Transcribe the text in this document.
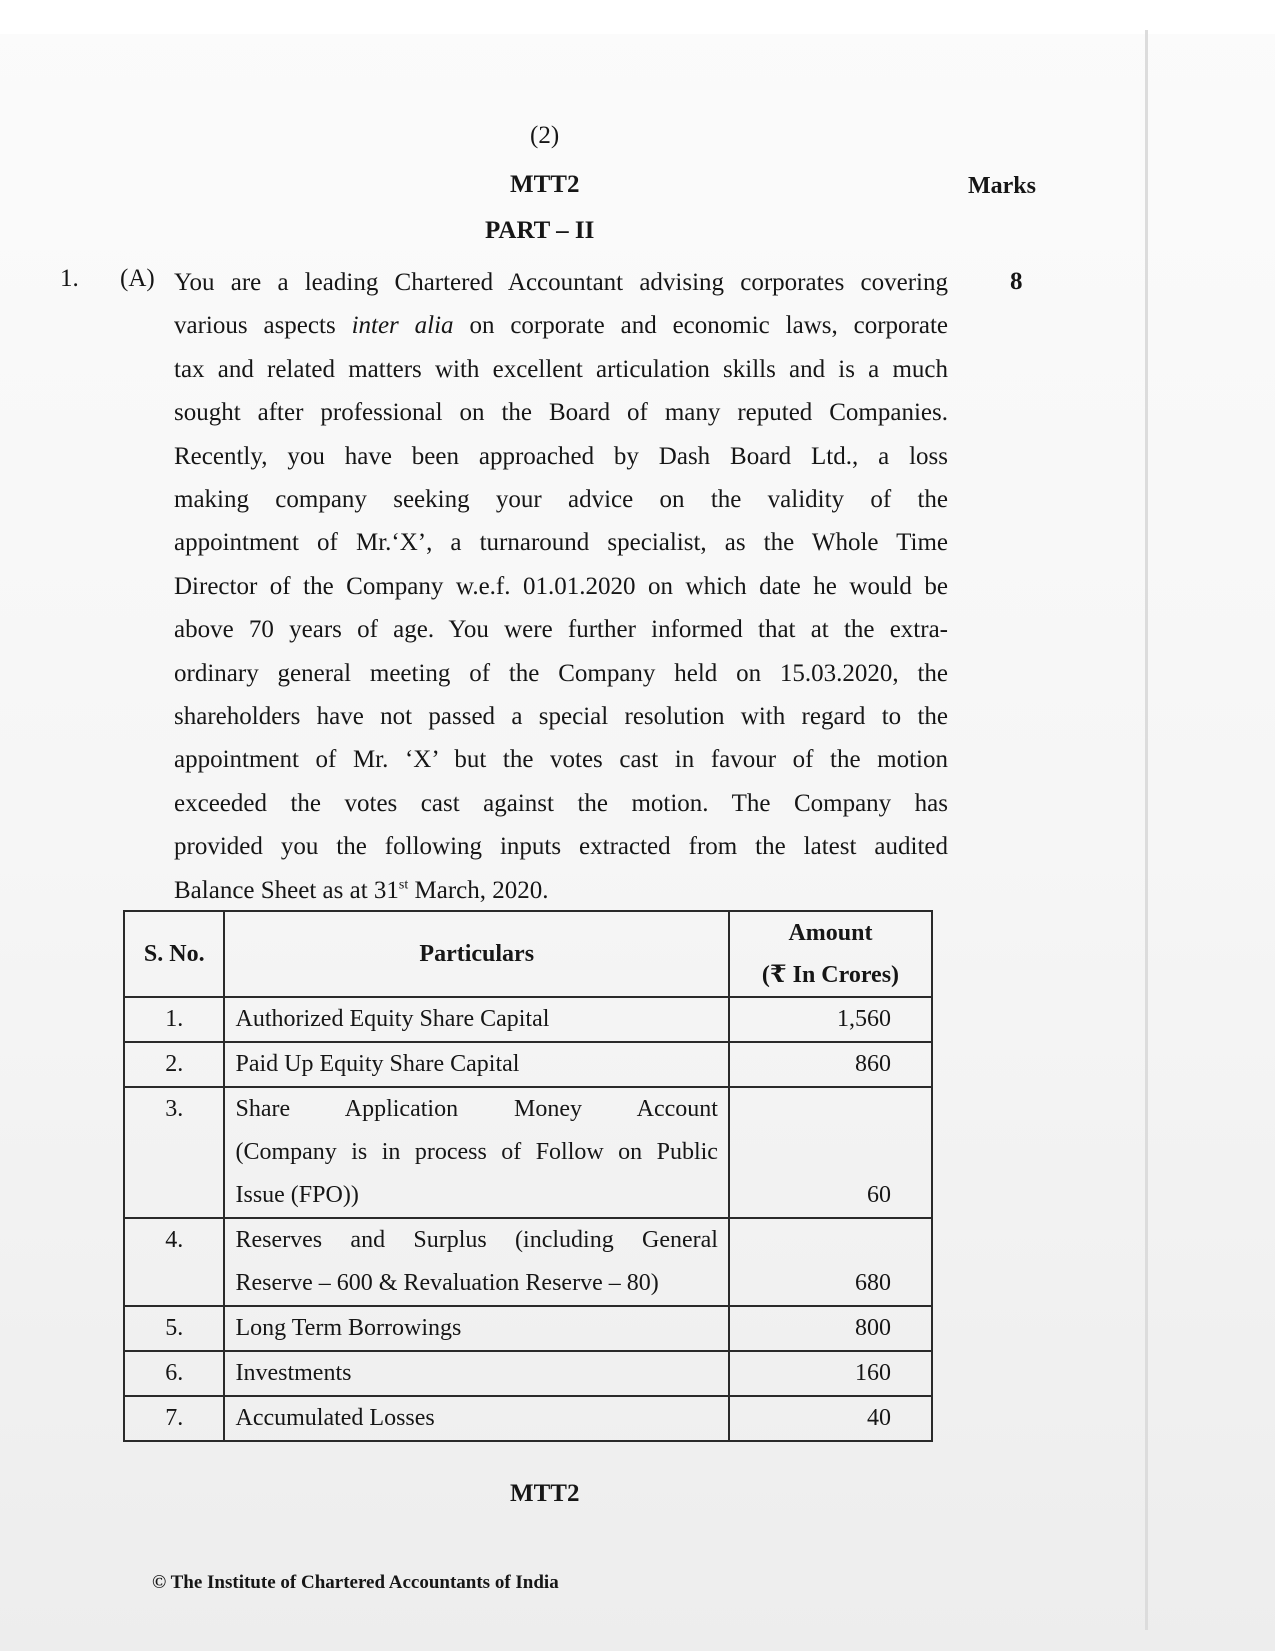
(2)
MTT2	Marks
PART – II
1. (A)	8
You are a leading Chartered Accountant advising corporates covering
various aspects inter alia on corporate and economic laws, corporate
tax and related matters with excellent articulation skills and is a much
sought after professional on the Board of many reputed Companies.
Recently, you have been approached by Dash Board Ltd., a loss
making company seeking your advice on the validity of the
appointment of Mr.‘X’, a turnaround specialist, as the Whole Time
Director of the Company w.e.f. 01.01.2020 on which date he would be
above 70 years of age. You were further informed that at the extra-
ordinary general meeting of the Company held on 15.03.2020, the
shareholders have not passed a special resolution with regard to the
appointment of Mr. ‘X’ but the votes cast in favour of the motion
exceeded the votes cast against the motion. The Company has
provided you the following inputs extracted from the latest audited
Balance Sheet as at 31st March, 2020.
S. No.	Particulars	Amount
(₹ In Crores)
1.	Authorized Equity Share Capital	1,560
2.	Paid Up Equity Share Capital	860
3.	Share Application Money Account
(Company is in process of Follow on Public
Issue (FPO))	60
4.	Reserves and Surplus (including General
Reserve – 600 & Revaluation Reserve – 80)	680
5.	Long Term Borrowings	800
6.	Investments	160
7.	Accumulated Losses	40
MTT2
© The Institute of Chartered Accountants of India
